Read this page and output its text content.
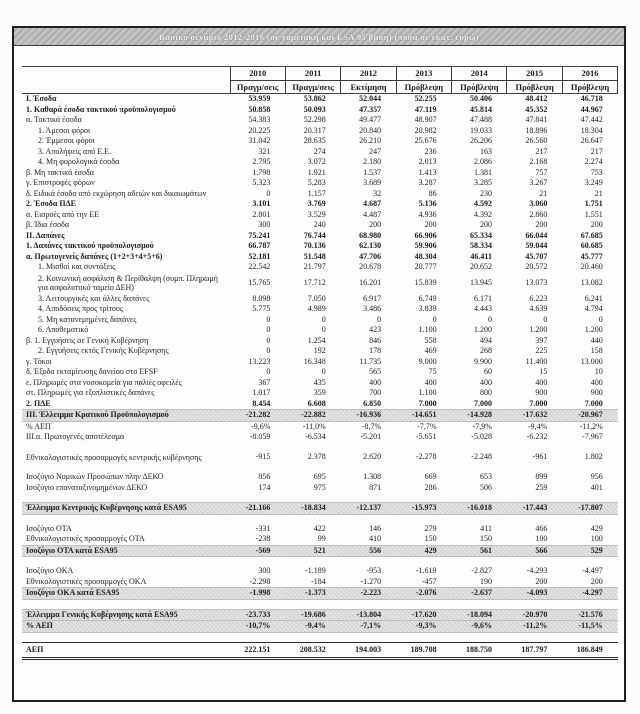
Βασικό σενάριο 2012-2016 (σε ταμειακή και ESA 95 βάση) (ποσά σε εκατ. ευρώ)
	2010	2011	2012	2013	2014	2015	2016
	Πραγμ/σεις	Πραγμ/σεις	Εκτίμηση	Πρόβλεψη	Πρόβλεψη	Πρόβλεψη	Πρόβλεψη
Ι. Έσοδα	53.959	53.862	52.044	52.255	50.406	48.412	46.718
1. Καθαρά έσοδα τακτικού προϋπολογισμού	50.858	50.093	47.357	47.119	45.814	45.352	44.967
α. Τακτικά έσοδα	54.383	52.298	49.477	48.907	47.488	47.841	47.442
1. Άμεσοι φόροι	20.225	20.317	20.840	20.982	19.033	18.896	18.304
2. Έμμεσοι φόροι	31.042	28.635	26.210	25.676	26.206	26.560	26.647
3. Απολήψεις από Ε.Ε.	321	274	247	236	163	217	217
4. Μη φορολογικά έσοδα	2.795	3.072	2.180	2.013	2.086	2.168	2.274
β. Μη τακτικά έσοδα	1.798	1.921	1.537	1.413	1.381	757	753
γ. Επιστροφές φόρων	5.323	5.283	3.689	3.287	3.285	3.267	3.249
δ. Ειδικά έσοδα από εκχώρηση αδειών και δικαιωμάτων	0	1.157	32	86	230	21	21
2. Έσοδα ΠΔΕ	3.101	3.769	4.687	5.136	4.592	3.060	1.751
α. Εισροές από την ΕΕ	2.801	3.529	4.487	4.936	4.392	2.860	1.551
β. Ίδια έσοδα	300	240	200	200	200	200	200
ΙΙ. Δαπάνες	75.241	76.744	68.980	66.906	65.334	66.044	67.685
1. Δαπάνες τακτικού προϋπολογισμού	66.787	70.136	62.130	59.906	58.334	59.044	60.685
α. Πρωτογενείς δαπάνες (1+2+3+4+5+6)	52.181	51.548	47.706	48.304	46.411	45.707	45.777
1. Μισθοί και συντάξεις	22.542	21.797	20.678	20.777	20.652	20.572	20.460
2. Κοινωνική ασφάλιση & Περίθαλψη (συμπ. Πληρωμή για ασφαλιστικό ταμείο ΔΕΗ)	15.765	17.712	16.201	15.839	13.945	13.073	13.082
3. Λειτουργικές και άλλες δαπάνες	8.098	7.050	6.917	6.749	6.171	6.223	6.241
4. Αποδόσεις προς τρίτους	5.775	4.989	3.486	3.839	4.443	4.639	4.794
5. Μη κατανεμημένες δαπάνες	0	0	0	0	0	0	0
6. Αποθεματικό	0	0	423	1.100	1.200	1.200	1.200
β. 1. Εγγυήσεις σε Γενική Κυβέρνηση	0	1.254	846	558	494	397	440
2. Εγγυήσεις εκτός Γενικής Κυβέρνησης	0	192	178	469	268	225	158
γ. Τόκοι	13.223	16.348	11.735	9.000	9.900	11.400	13.000
δ. Έξοδα εκταμίευσης δανείου στο EFSF	0	0	565	75	60	15	10
ε. Πληρωμές στα νοσοκομεία για παλιές οφειλές	367	435	400	400	400	400	400
στ. Πληρωμές για εξοπλιστικές δαπάνες	1.017	359	700	1.100	800	900	900
2. ΠΔΕ	8.454	6.608	6.850	7.000	7.000	7.000	7.000
ΙΙΙ. Έλλειμμα Κρατικού Προϋπολογισμού	-21.282	-22.882	-16.936	-14.651	-14.928	-17.632	-20.967
% ΑΕΠ	-9,6%	-11,0%	-8,7%	-7,7%	-7,9%	-9,4%	-11,2%
ΙΙΙ.α. Πρωτογενές αποτέλεσμα	-8.059	-6.534	-5.201	-5.651	-5.028	-6.232	-7.967

Εθνικολογιστικές προσαρμογές κεντρικής κυβέρνησης	-915	2.378	2.620	-2.278	-2.248	-961	1.802

Ισοζύγιο Νομικών Προσώπων πλην ΔΕΚΟ	856	695	1.308	669	653	899	956
Ισοζύγιο επαναταξινομημένων ΔΕΚΟ	174	975	871	286	506	259	401

Έλλειμμα Κεντρικής Κυβέρνησης κατά ESA95	-21.166	-18.834	-12.137	-15.973	-16.018	-17.443	-17.807

Ισοζύγιο ΟΤΑ	-331	422	146	279	411	466	429
Εθνικολογιστικές προσαρμογές ΟΤΑ	-238	99	410	150	150	100	100
Ισοζύγιο ΟΤΑ κατά ESA95	-569	521	556	429	561	566	529

Ισοζύγιο ΟΚΑ	300	-1.189	-953	-1.619	-2.827	-4.293	-4.497
Εθνικολογιστικές προσαρμογές ΟΚΑ	-2.298	-184	-1.270	-457	190	200	200
Ισοζύγιο ΟΚΑ κατά ESA95	-1.998	-1.373	-2.223	-2.076	-2.637	-4.093	-4.297

Έλλειμμα Γενικής Κυβέρνησης κατά ESA95	-23.733	-19.686	-13.804	-17.620	-18.094	-20.970	-21.576
% ΑΕΠ	-10,7%	-9,4%	-7,1%	-9,3%	-9,6%	-11,2%	-11,5%

ΑΕΠ	222.151	208.532	194.003	189.708	188.750	187.797	186.849
